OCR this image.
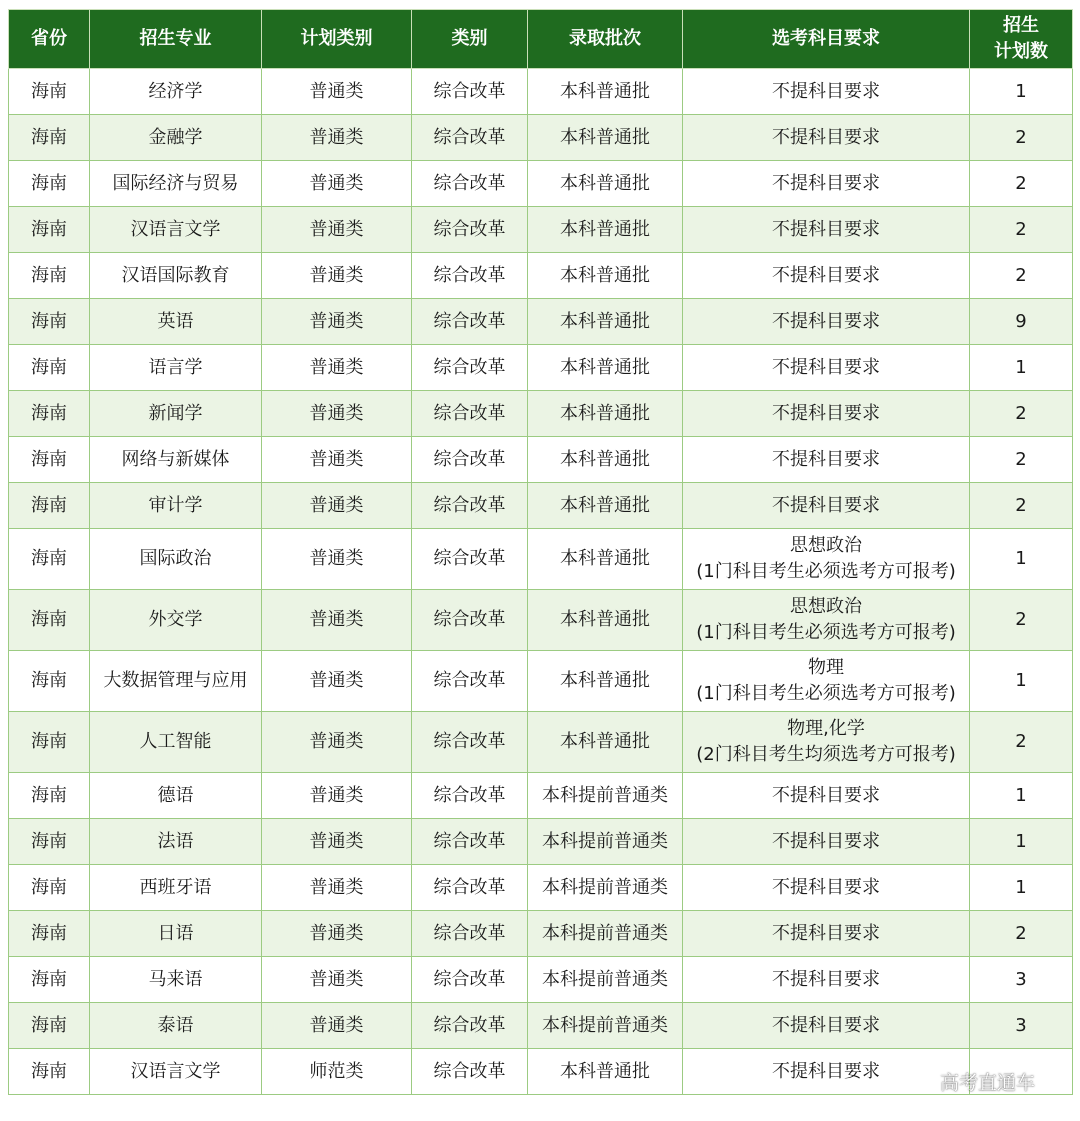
省份	招生专业	计划类别	类别	录取批次	选考科目要求	招生
计划数

海南	经济学	普通类	综合改革	本科普通批	不提科目要求	1
海南	金融学	普通类	综合改革	本科普通批	不提科目要求	2
海南	国际经济与贸易	普通类	综合改革	本科普通批	不提科目要求	2
海南	汉语言文学	普通类	综合改革	本科普通批	不提科目要求	2
海南	汉语国际教育	普通类	综合改革	本科普通批	不提科目要求	2
海南	英语	普通类	综合改革	本科普通批	不提科目要求	9
海南	语言学	普通类	综合改革	本科普通批	不提科目要求	1
海南	新闻学	普通类	综合改革	本科普通批	不提科目要求	2
海南	网络与新媒体	普通类	综合改革	本科普通批	不提科目要求	2
海南	审计学	普通类	综合改革	本科普通批	不提科目要求	2
海南	国际政治	普通类	综合改革	本科普通批	思想政治
(1门科目考生必须选考方可报考)	1
海南	外交学	普通类	综合改革	本科普通批	思想政治
(1门科目考生必须选考方可报考)	2
海南	大数据管理与应用	普通类	综合改革	本科普通批	物理
(1门科目考生必须选考方可报考)	1
海南	人工智能	普通类	综合改革	本科普通批	物理,化学
(2门科目考生均须选考方可报考)	2
海南	德语	普通类	综合改革	本科提前普通类	不提科目要求	1
海南	法语	普通类	综合改革	本科提前普通类	不提科目要求	1
海南	西班牙语	普通类	综合改革	本科提前普通类	不提科目要求	1
海南	日语	普通类	综合改革	本科提前普通类	不提科目要求	2
海南	马来语	普通类	综合改革	本科提前普通类	不提科目要求	3
海南	泰语	普通类	综合改革	本科提前普通类	不提科目要求	3
海南	汉语言文学	师范类	综合改革	本科普通批	不提科目要求	

高考直通车
